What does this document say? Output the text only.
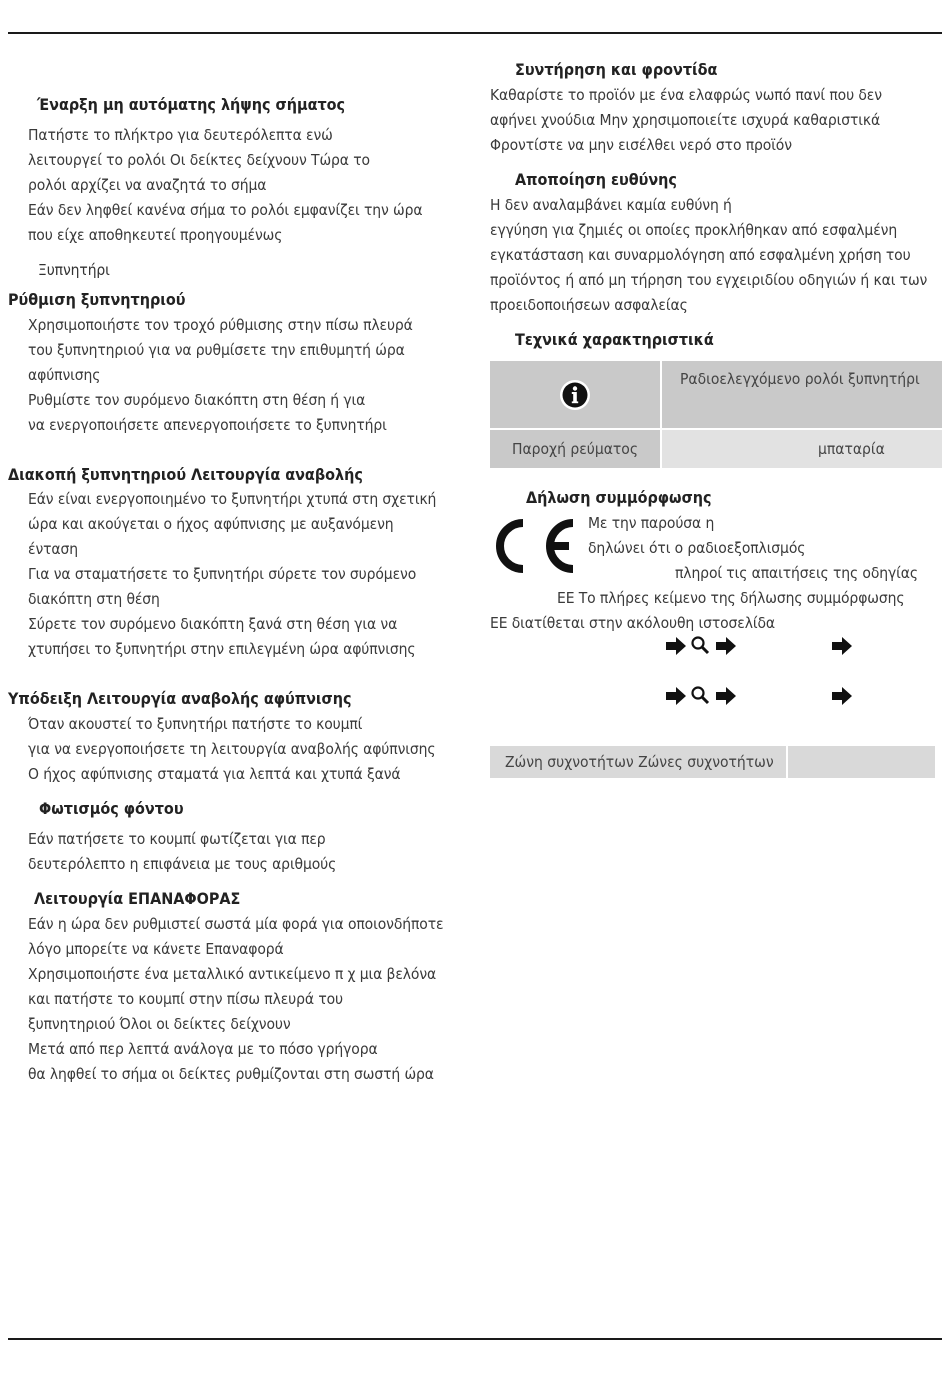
Έναρξη μη αυτόματης λήψης σήματος
Πατήστε το πλήκτρο για δευτερόλεπτα ενώ
λειτουργεί το ρολόι Οι δείκτες δείχνουν Τώρα το
ρολόι αρχίζει να αναζητά το σήμα
Εάν δεν ληφθεί κανένα σήμα το ρολόι εμφανίζει την ώρα
που είχε αποθηκευτεί προηγουμένως
Ξυπνητήρι
Ρύθμιση ξυπνητηριού
Χρησιμοποιήστε τον τροχό ρύθμισης στην πίσω πλευρά
του ξυπνητηριού για να ρυθμίσετε την επιθυμητή ώρα
αφύπνισης
Ρυθμίστε τον συρόμενο διακόπτη στη θέση ή για
να ενεργοποιήσετε απενεργοποιήσετε το ξυπνητήρι
Διακοπή ξυπνητηριού Λειτουργία αναβολής
Εάν είναι ενεργοποιημένο το ξυπνητήρι χτυπά στη σχετική
ώρα και ακούγεται ο ήχος αφύπνισης με αυξανόμενη
ένταση
Για να σταματήσετε το ξυπνητήρι σύρετε τον συρόμενο
διακόπτη στη θέση
Σύρετε τον συρόμενο διακόπτη ξανά στη θέση για να
χτυπήσει το ξυπνητήρι στην επιλεγμένη ώρα αφύπνισης
Υπόδειξη Λειτουργία αναβολής αφύπνισης
Όταν ακουστεί το ξυπνητήρι πατήστε το κουμπί
για να ενεργοποιήσετε τη λειτουργία αναβολής αφύπνισης
Ο ήχος αφύπνισης σταματά για λεπτά και χτυπά ξανά
Φωτισμός φόντου
Εάν πατήσετε το κουμπί φωτίζεται για περ
δευτερόλεπτο η επιφάνεια με τους αριθμούς
Λειτουργία ΕΠΑΝΑΦΟΡΑΣ
Εάν η ώρα δεν ρυθμιστεί σωστά μία φορά για οποιονδήποτε
λόγο μπορείτε να κάνετε Επαναφορά
Χρησιμοποιήστε ένα μεταλλικό αντικείμενο π χ μια βελόνα
και πατήστε το κουμπί στην πίσω πλευρά του
ξυπνητηριού Όλοι οι δείκτες δείχνουν
Μετά από περ λεπτά ανάλογα με το πόσο γρήγορα
θα ληφθεί το σήμα οι δείκτες ρυθμίζονται στη σωστή ώρα
Συντήρηση και φροντίδα
Καθαρίστε το προϊόν με ένα ελαφρώς νωπό πανί που δεν
αφήνει χνούδια Μην χρησιμοποιείτε ισχυρά καθαριστικά
Φροντίστε να μην εισέλθει νερό στο προϊόν
Αποποίηση ευθύνης
Η δεν αναλαμβάνει καμία ευθύνη ή
εγγύηση για ζημιές οι οποίες προκλήθηκαν από εσφαλμένη
εγκατάσταση και συναρμολόγηση από εσφαλμένη χρήση του
προϊόντος ή από μη τήρηση του εγχειριδίου οδηγιών ή και των
προειδοποιήσεων ασφαλείας
Τεχνικά χαρακτηριστικά
	Ραδιοελεγχόμενο ρολόι ξυπνητήρι
Παροχή ρεύματος	μπαταρία
Δήλωση συμμόρφωσης
Με την παρούσα η
δηλώνει ότι ο ραδιοεξοπλισμός
πληροί τις απαιτήσεις της οδηγίας
ΕΕ Το πλήρες κείμενο της δήλωσης συμμόρφωσης
ΕΕ διατίθεται στην ακόλουθη ιστοσελίδα
Ζώνη συχνοτήτων Ζώνες συχνοτήτων
